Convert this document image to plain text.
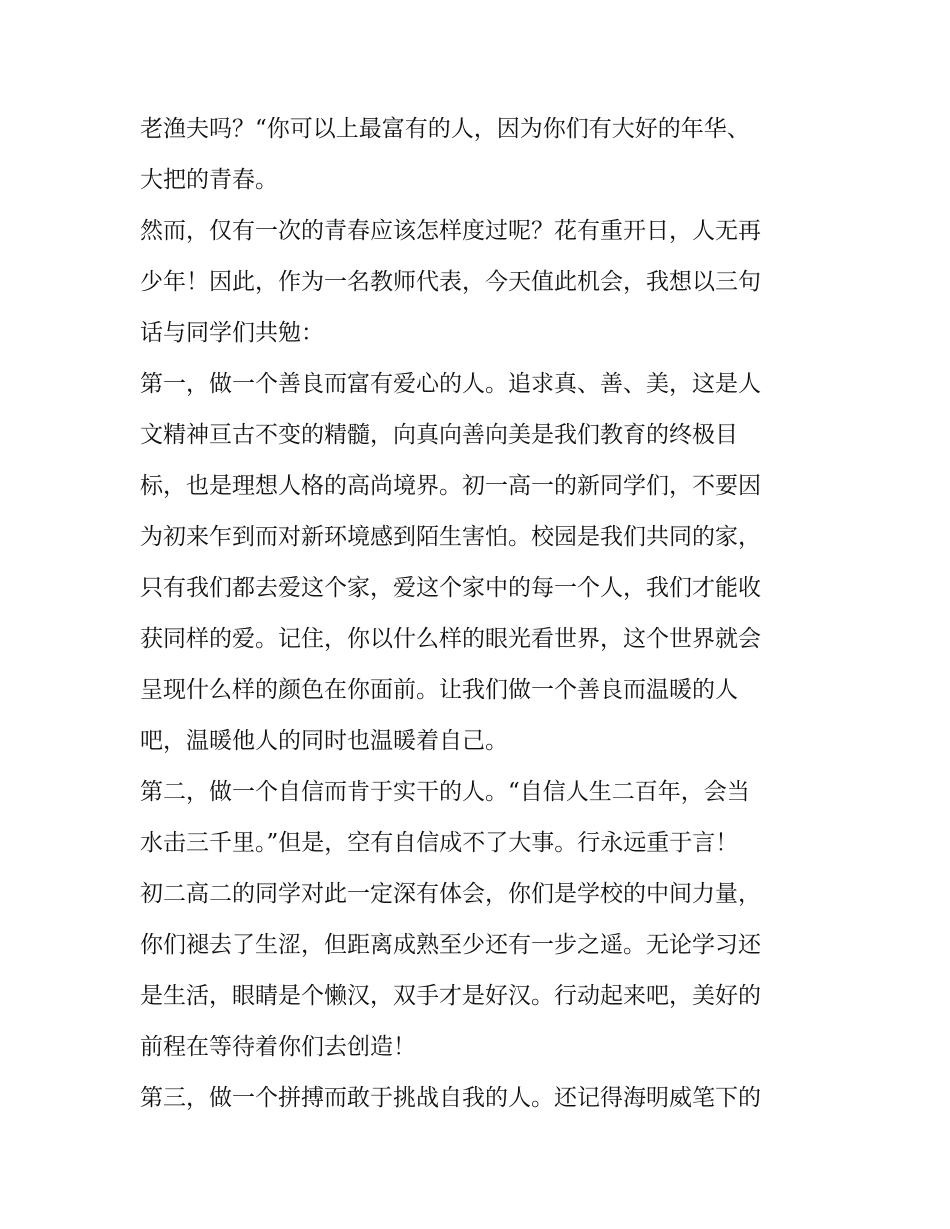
老渔夫吗？“你可以上最富有的人，因为你们有大好的年华、
大把的青春。
然而，仅有一次的青春应该怎样度过呢？花有重开日，人无再
少年！因此，作为一名教师代表，今天值此机会，我想以三句
话与同学们共勉：
第一，做一个善良而富有爱心的人。追求真、善、美，这是人
文精神亘古不变的精髓，向真向善向美是我们教育的终极目
标，也是理想人格的高尚境界。初一高一的新同学们，不要因
为初来乍到而对新环境感到陌生害怕。校园是我们共同的家，
只有我们都去爱这个家，爱这个家中的每一个人，我们才能收
获同样的爱。记住，你以什么样的眼光看世界，这个世界就会
呈现什么样的颜色在你面前。让我们做一个善良而温暖的人
吧，温暖他人的同时也温暖着自己。
第二，做一个自信而肯于实干的人。“自信人生二百年，会当
水击三千里。”但是，空有自信成不了大事。行永远重于言！
初二高二的同学对此一定深有体会，你们是学校的中间力量，
你们褪去了生涩，但距离成熟至少还有一步之遥。无论学习还
是生活，眼睛是个懒汉，双手才是好汉。行动起来吧，美好的
前程在等待着你们去创造！
第三，做一个拼搏而敢于挑战自我的人。还记得海明威笔下的
